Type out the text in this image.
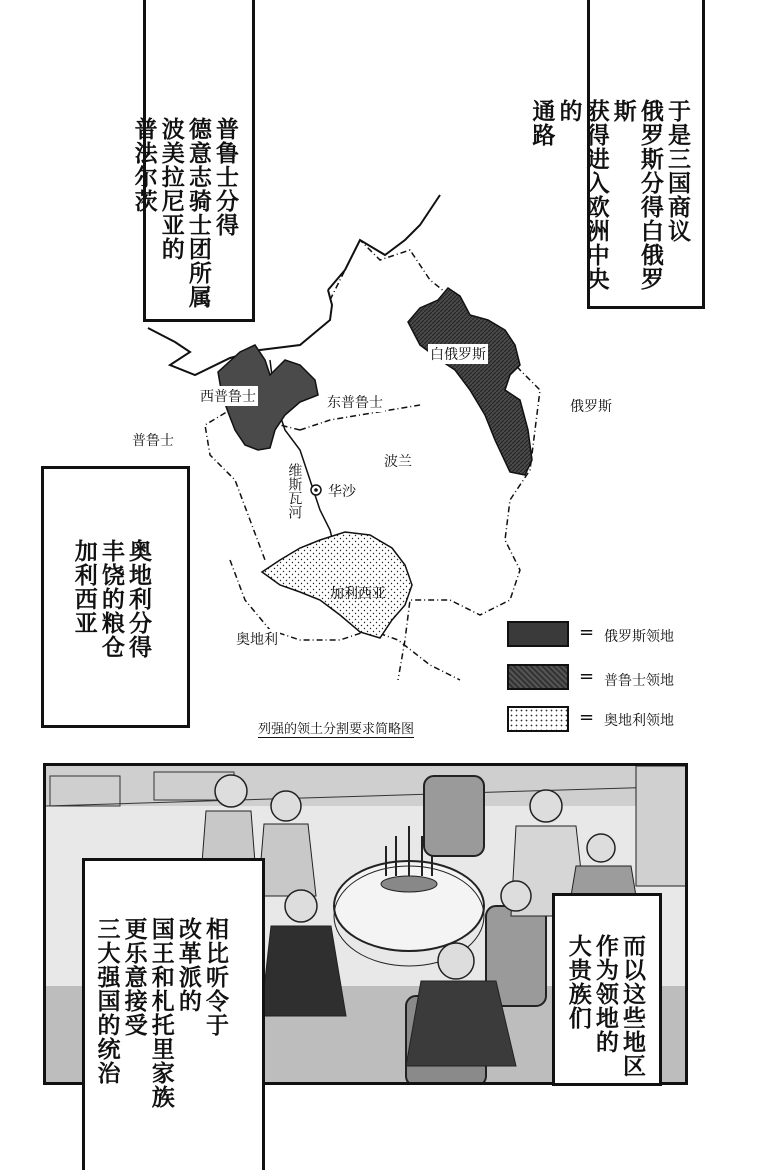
白俄罗斯
俄罗斯
西普鲁士	东普鲁士
普鲁士
波兰
华沙
维斯瓦河
加利西亚
奥地利	= 俄罗斯领地
= 普鲁士领地
= 奥地利领地
列强的领土分割要求简略图
普鲁士分得
德意志骑士团所属
波美拉尼亚的
普法尔茨	于是三国商议
俄罗斯分得白俄罗斯
获得进入欧洲中央的
通路
奥地利分得
丰饶的粮仓
加利西亚
相比听令于
改革派的
国王和札托里家族
更乐意接受
三大强国的统治	而以这些地区
作为领地的
大贵族们
